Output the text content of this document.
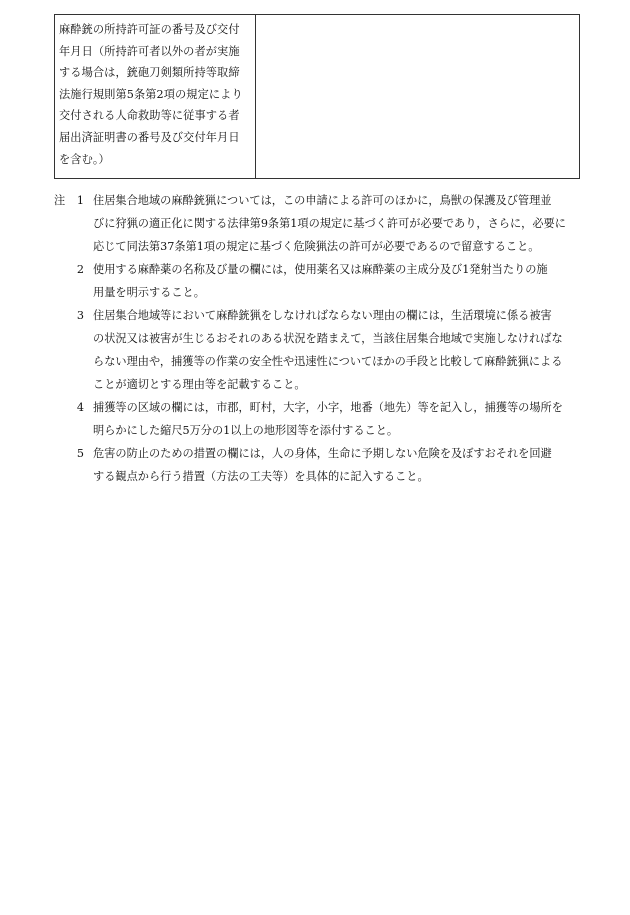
麻酔銃の所持許可証の番号及び交付
年月日（所持許可者以外の者が実施
する場合は，銃砲刀剣類所持等取締
法施行規則第5条第2項の規定により
交付される人命救助等に従事する者
届出済証明書の番号及び交付年月日
を含む。）

注 1 住居集合地域の麻酔銃猟については，この申請による許可のほかに，鳥獣の保護及び管理並
びに狩猟の適正化に関する法律第9条第1項の規定に基づく許可が必要であり，さらに，必要に
応じて同法第37条第1項の規定に基づく危険猟法の許可が必要であるので留意すること。
2 使用する麻酔薬の名称及び量の欄には，使用薬名又は麻酔薬の主成分及び1発射当たりの施
用量を明示すること。
3 住居集合地域等において麻酔銃猟をしなければならない理由の欄には，生活環境に係る被害
の状況又は被害が生じるおそれのある状況を踏まえて，当該住居集合地域で実施しなければな
らない理由や，捕獲等の作業の安全性や迅速性についてほかの手段と比較して麻酔銃猟による
ことが適切とする理由等を記載すること。
4 捕獲等の区域の欄には，市郡，町村，大字，小字，地番（地先）等を記入し，捕獲等の場所を
明らかにした縮尺5万分の1以上の地形図等を添付すること。
5 危害の防止のための措置の欄には，人の身体，生命に予期しない危険を及ぼすおそれを回避
する観点から行う措置（方法の工夫等）を具体的に記入すること。
